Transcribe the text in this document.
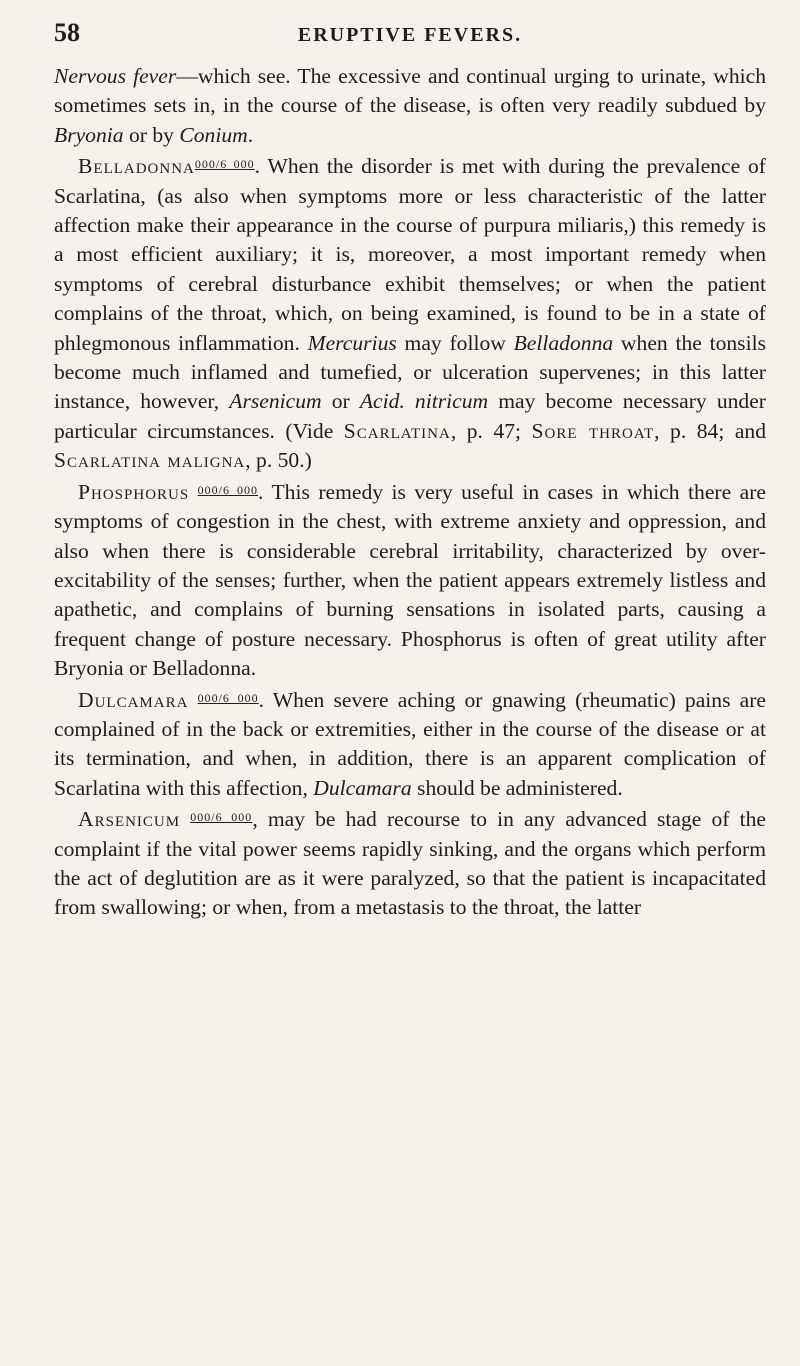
58	ERUPTIVE FEVERS.

Nervous fever—which see. The excessive and continual urging to urinate, which sometimes sets in, in the course of the disease, is often very readily subdued by Bryonia or by Conium.

Belladonna$^{000/6 000}$. When the disorder is met with during the prevalence of Scarlatina, (as also when symptoms more or less characteristic of the latter affection make their appearance in the course of purpura miliaris,) this remedy is a most efficient auxiliary; it is, moreover, a most important remedy when symptoms of cerebral disturbance exhibit themselves; or when the patient complains of the throat, which, on being examined, is found to be in a state of phlegmonous inflammation. Mercurius may follow Belladonna when the tonsils become much inflamed and tumefied, or ulceration supervenes; in this latter instance, however, Arsenicum or Acid. nitricum may become necessary under particular circumstances. (Vide Scarlatina, p. 47; Sore throat, p. 84; and Scarlatina maligna, p. 50.)

Phosphorus $^{000/6 000}$. This remedy is very useful in cases in which there are symptoms of congestion in the chest, with extreme anxiety and oppression, and also when there is considerable cerebral irritability, characterized by over-excitability of the senses; further, when the patient appears extremely listless and apathetic, and complains of burning sensations in isolated parts, causing a frequent change of posture necessary. Phosphorus is often of great utility after Bryonia or Belladonna.

Dulcamara $^{000/6 000}$. When severe aching or gnawing (rheumatic) pains are complained of in the back or extremities, either in the course of the disease or at its termination, and when, in addition, there is an apparent complication of Scarlatina with this affection, Dulcamara should be administered.

Arsenicum $^{000/6 000}$, may be had recourse to in any advanced stage of the complaint if the vital power seems rapidly sinking, and the organs which perform the act of deglutition are as it were paralyzed, so that the patient is incapacitated from swallowing; or when, from a metastasis to the throat, the latter
